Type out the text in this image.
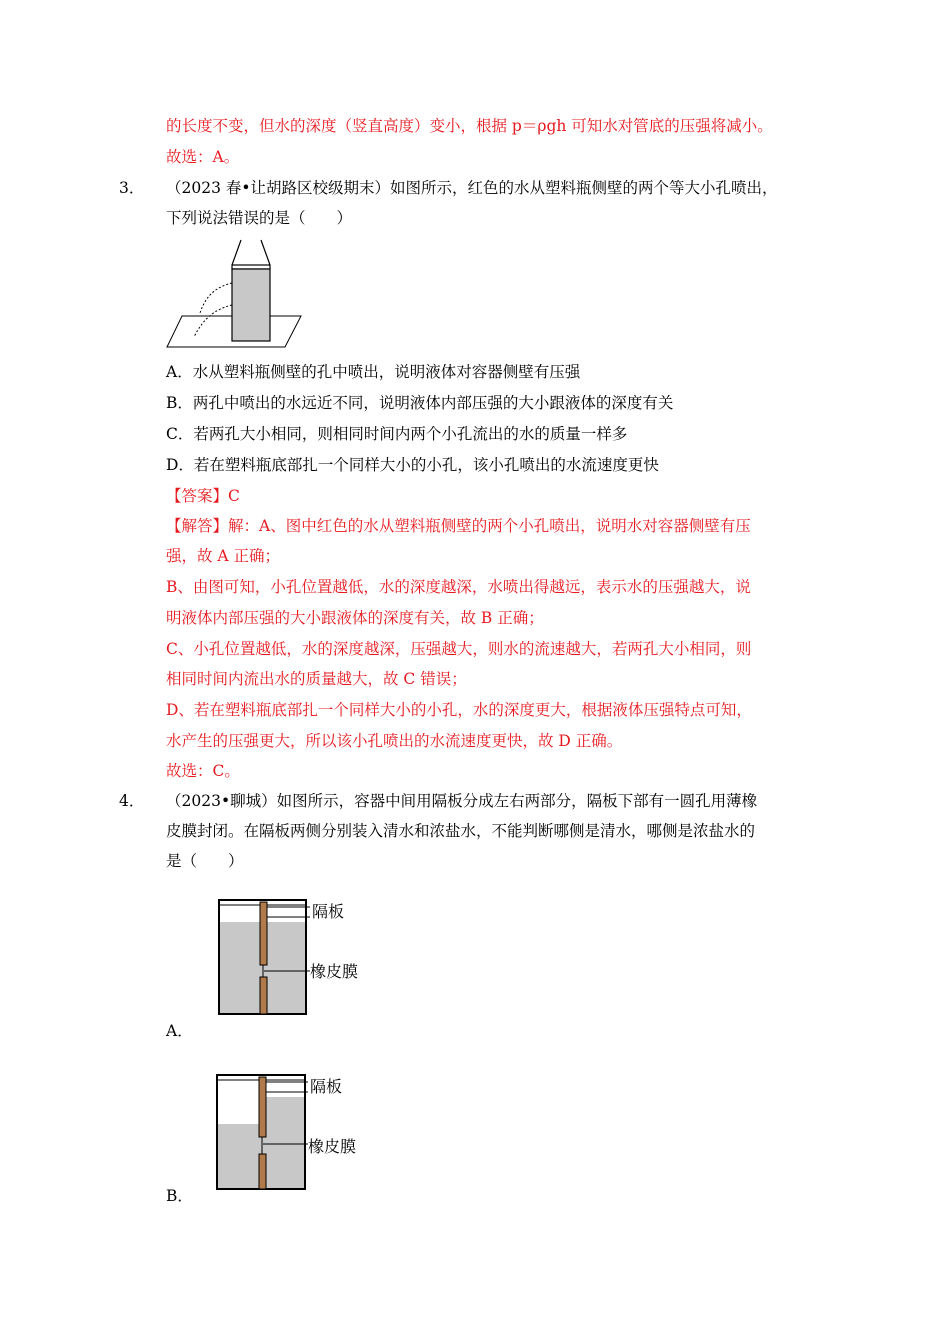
的长度不变，但水的深度（竖直高度）变小，根据 p＝ρgh 可知水对管底的压强将减小。
故选：A。
3． （2023 春•让胡路区校级期末）如图所示，红色的水从塑料瓶侧壁的两个等大小孔喷出，
下列说法错误的是（　　）
A．水从塑料瓶侧壁的孔中喷出，说明液体对容器侧壁有压强
B．两孔中喷出的水远近不同，说明液体内部压强的大小跟液体的深度有关
C．若两孔大小相同，则相同时间内两个小孔流出的水的质量一样多
D．若在塑料瓶底部扎一个同样大小的小孔，该小孔喷出的水流速度更快
【答案】C
【解答】解：A、图中红色的水从塑料瓶侧壁的两个小孔喷出，说明水对容器侧壁有压
强，故 A 正确；
B、由图可知，小孔位置越低，水的深度越深，水喷出得越远，表示水的压强越大，说
明液体内部压强的大小跟液体的深度有关，故 B 正确；
C、小孔位置越低，水的深度越深，压强越大，则水的流速越大，若两孔大小相同，则
相同时间内流出水的质量越大，故 C 错误；
D、若在塑料瓶底部扎一个同样大小的小孔，水的深度更大，根据液体压强特点可知，
水产生的压强更大，所以该小孔喷出的水流速度更快，故 D 正确。
故选：C。
4． （2023•聊城）如图所示，容器中间用隔板分成左右两部分，隔板下部有一圆孔用薄橡
皮膜封闭。在隔板两侧分别装入清水和浓盐水，不能判断哪侧是清水，哪侧是浓盐水的
是（　　）
隔板
橡皮膜
A．
隔板
橡皮膜
B．
